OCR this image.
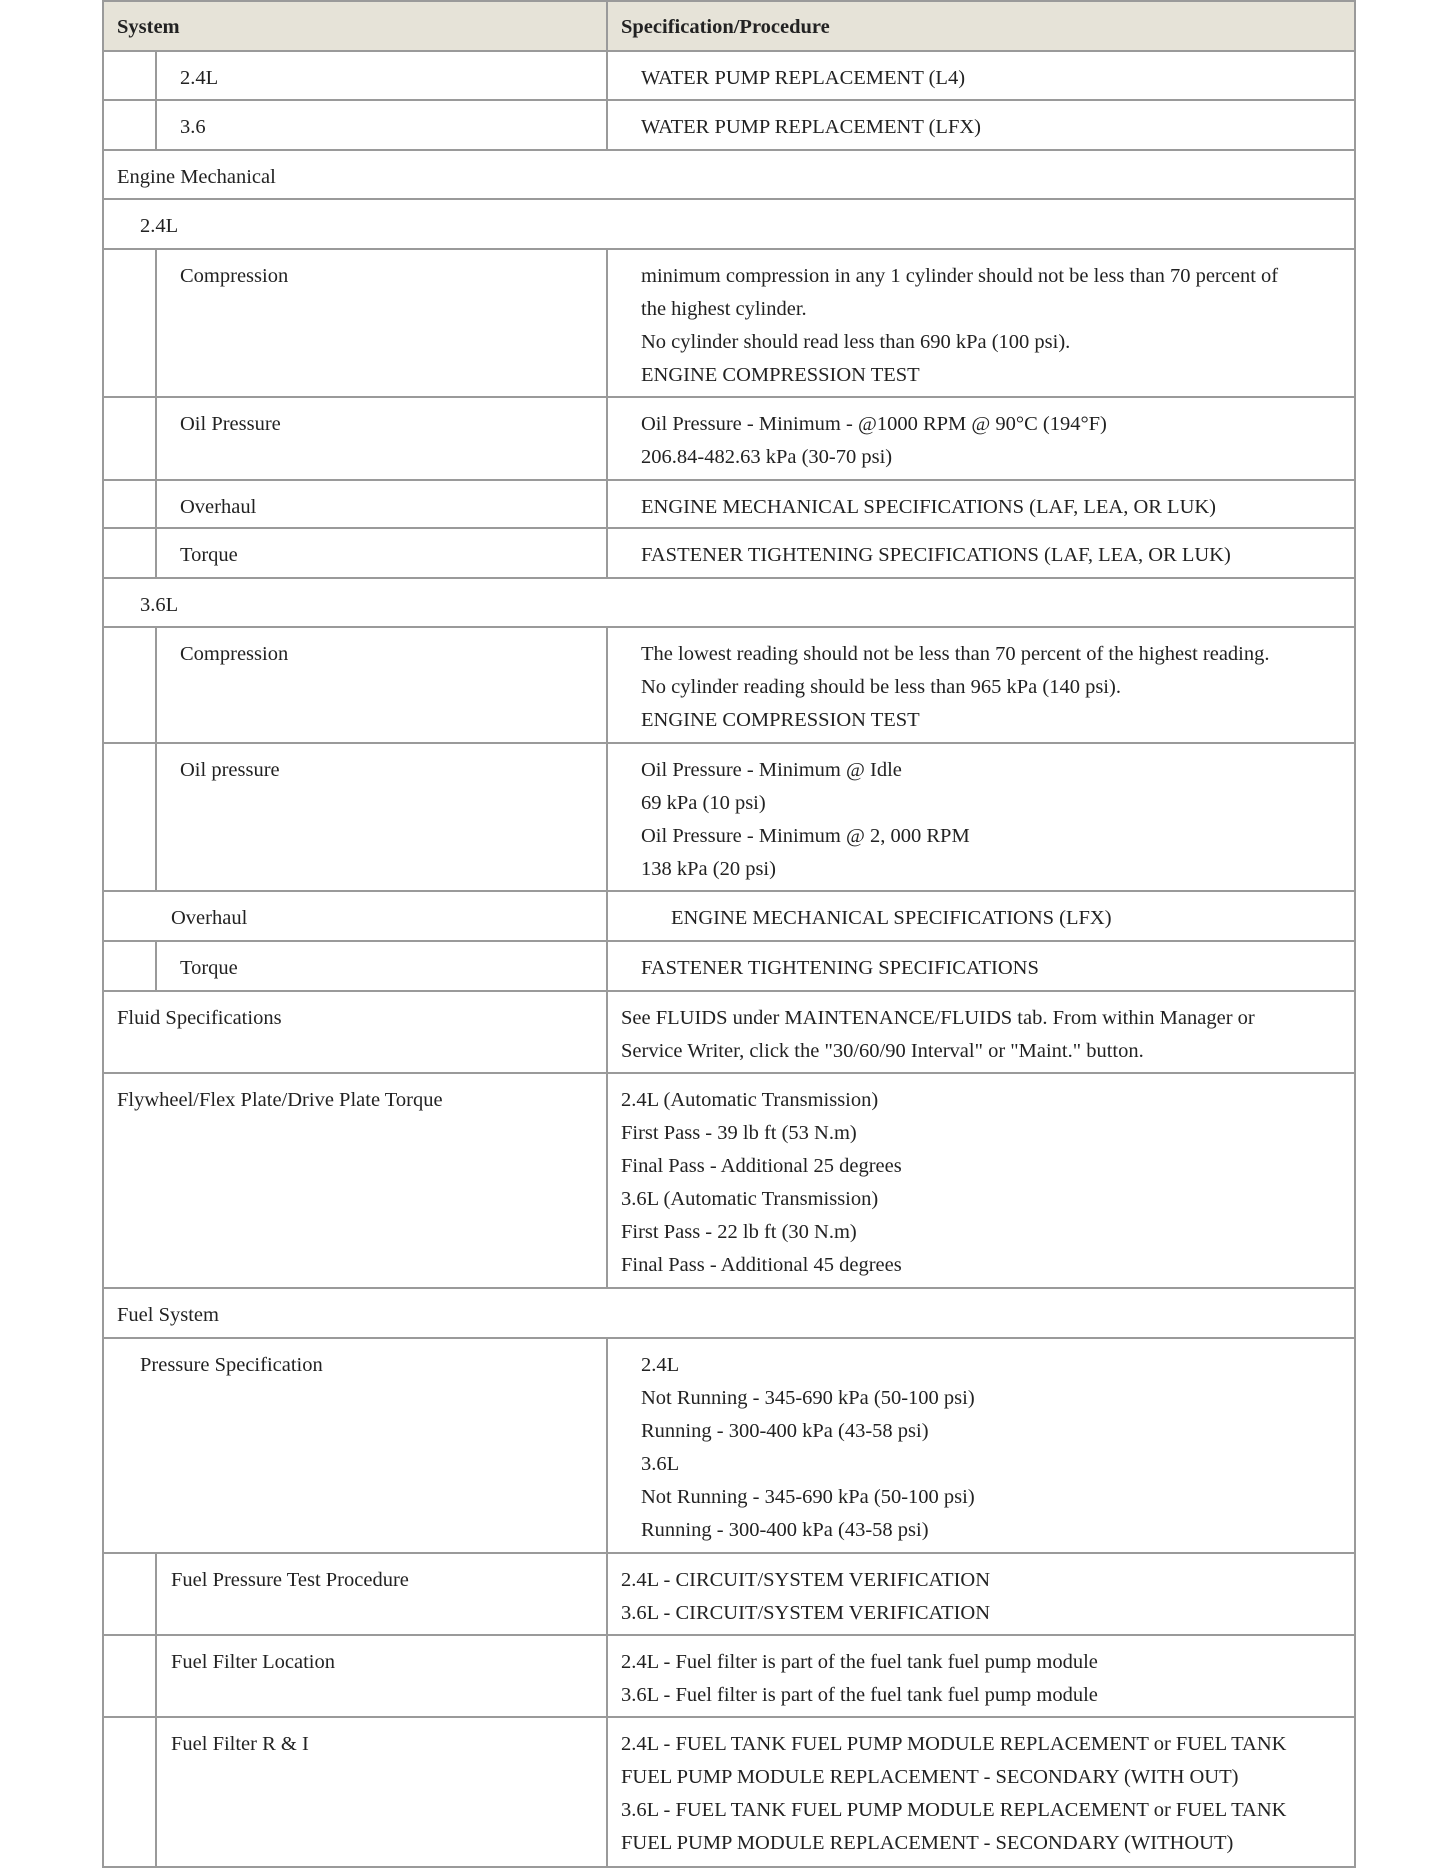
System	Specification/Procedure
2.4L	WATER PUMP REPLACEMENT (L4)
3.6	WATER PUMP REPLACEMENT (LFX)
Engine Mechanical
2.4L
Compression	minimum compression in any 1 cylinder should not be less than 70 percent of
the highest cylinder.
No cylinder should read less than 690 kPa (100 psi).
ENGINE COMPRESSION TEST
Oil Pressure	Oil Pressure - Minimum - @1000 RPM @ 90°C (194°F)
206.84-482.63 kPa (30-70 psi)
Overhaul	ENGINE MECHANICAL SPECIFICATIONS (LAF, LEA, OR LUK)
Torque	FASTENER TIGHTENING SPECIFICATIONS (LAF, LEA, OR LUK)
3.6L
Compression	The lowest reading should not be less than 70 percent of the highest reading.
No cylinder reading should be less than 965 kPa (140 psi).
ENGINE COMPRESSION TEST
Oil pressure	Oil Pressure - Minimum @ Idle
69 kPa (10 psi)
Oil Pressure - Minimum @ 2, 000 RPM
138 kPa (20 psi)
Overhaul	ENGINE MECHANICAL SPECIFICATIONS (LFX)
Torque	FASTENER TIGHTENING SPECIFICATIONS
Fluid Specifications	See FLUIDS under MAINTENANCE/FLUIDS tab. From within Manager or
Service Writer, click the "30/60/90 Interval" or "Maint." button.
Flywheel/Flex Plate/Drive Plate Torque	2.4L (Automatic Transmission)
First Pass - 39 lb ft (53 N.m)
Final Pass - Additional 25 degrees
3.6L (Automatic Transmission)
First Pass - 22 lb ft (30 N.m)
Final Pass - Additional 45 degrees
Fuel System
Pressure Specification	2.4L
Not Running - 345-690 kPa (50-100 psi)
Running - 300-400 kPa (43-58 psi)
3.6L
Not Running - 345-690 kPa (50-100 psi)
Running - 300-400 kPa (43-58 psi)
Fuel Pressure Test Procedure	2.4L - CIRCUIT/SYSTEM VERIFICATION
3.6L - CIRCUIT/SYSTEM VERIFICATION
Fuel Filter Location	2.4L - Fuel filter is part of the fuel tank fuel pump module
3.6L - Fuel filter is part of the fuel tank fuel pump module
Fuel Filter R & I	2.4L - FUEL TANK FUEL PUMP MODULE REPLACEMENT or FUEL TANK
FUEL PUMP MODULE REPLACEMENT - SECONDARY (WITH OUT)
3.6L - FUEL TANK FUEL PUMP MODULE REPLACEMENT or FUEL TANK
FUEL PUMP MODULE REPLACEMENT - SECONDARY (WITHOUT)
